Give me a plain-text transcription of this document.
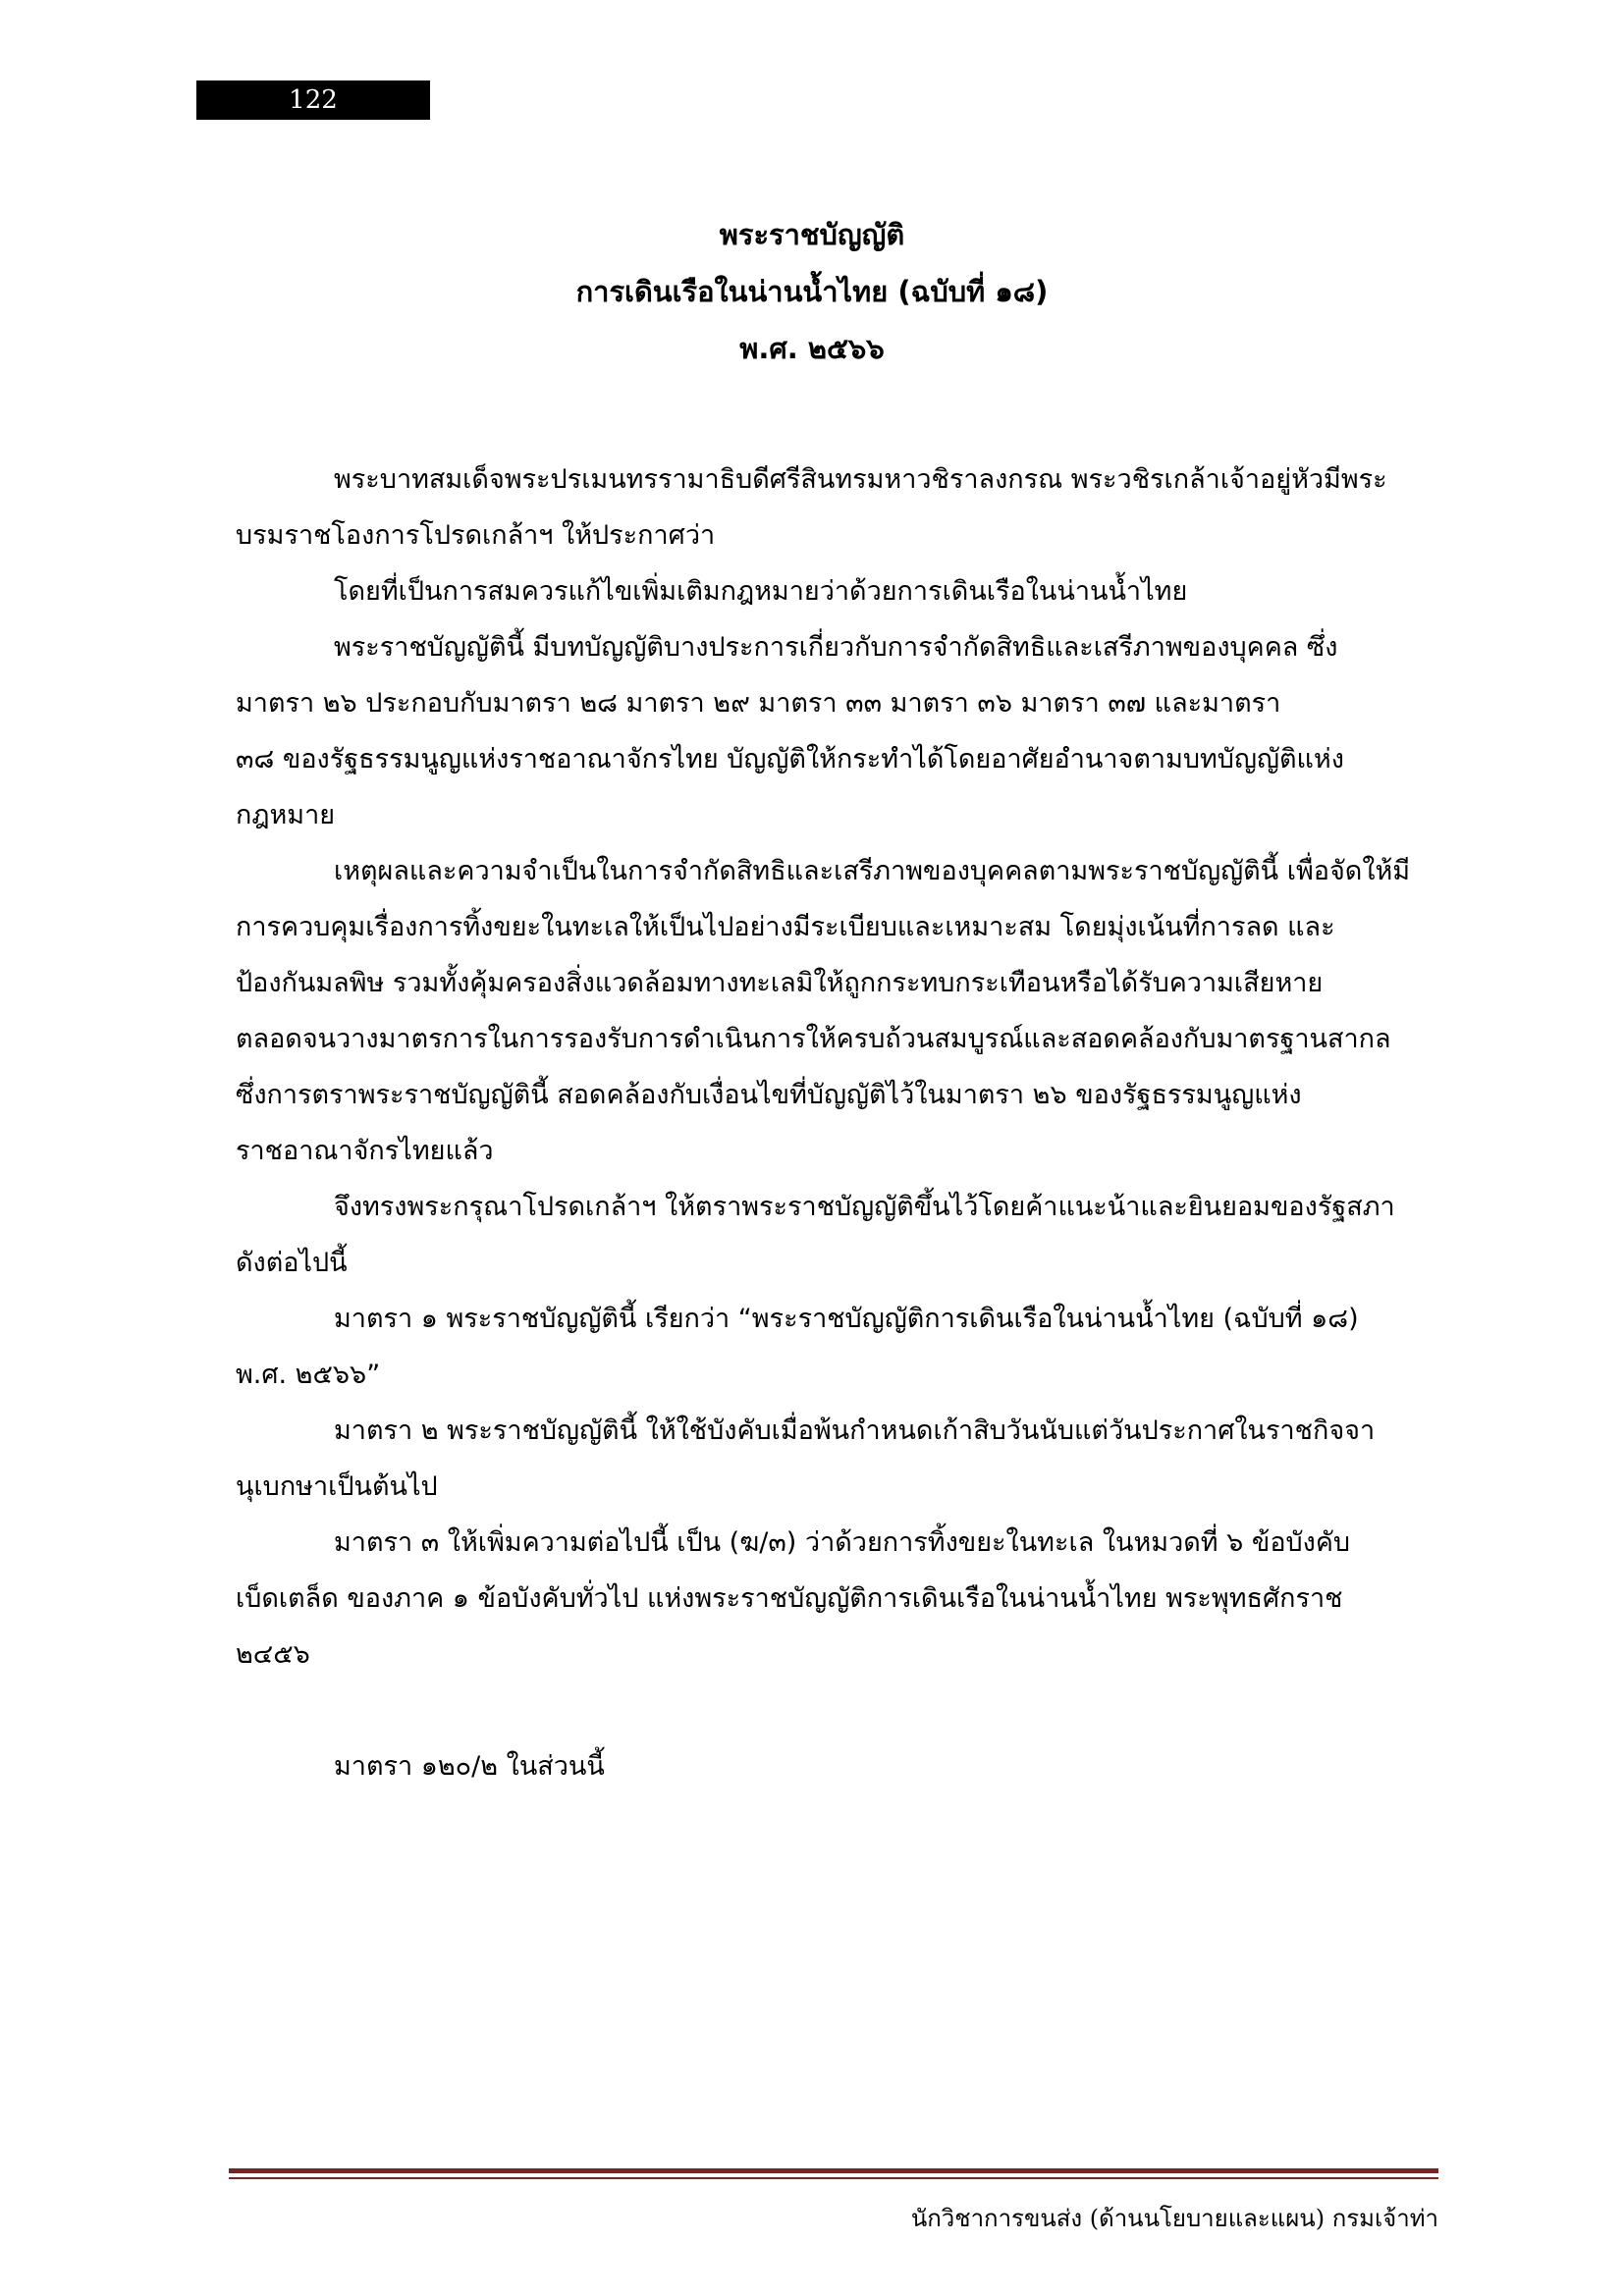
122
พระราชบัญญัติ
การเดินเรือในน่านน้ำไทย (ฉบับที่ ๑๘)
พ.ศ. ๒๕๖๖

พระบาทสมเด็จพระปรเมนทรรามาธิบดีศรีสินทรมหาวชิราลงกรณ พระวชิรเกล้าเจ้าอยู่หัวมีพระ

บรมราชโองการโปรดเกล้าฯ ให้ประกาศว่า

โดยที่เป็นการสมควรแก้ไขเพิ่มเติมกฎหมายว่าด้วยการเดินเรือในน่านน้ำไทย

พระราชบัญญัตินี้ มีบทบัญญัติบางประการเกี่ยวกับการจำกัดสิทธิและเสรีภาพของบุคคล ซึ่ง

มาตรา ๒๖ ประกอบกับมาตรา ๒๘ มาตรา ๒๙ มาตรา ๓๓ มาตรา ๓๖ มาตรา ๓๗ และมาตรา

๓๘ ของรัฐธรรมนูญแห่งราชอาณาจักรไทย บัญญัติให้กระทำได้โดยอาศัยอำนาจตามบทบัญญัติแห่ง

กฎหมาย

เหตุผลและความจำเป็นในการจำกัดสิทธิและเสรีภาพของบุคคลตามพระราชบัญญัตินี้ เพื่อจัดให้มี

การควบคุมเรื่องการทิ้งขยะในทะเลให้เป็นไปอย่างมีระเบียบและเหมาะสม โดยมุ่งเน้นที่การลด และ

ป้องกันมลพิษ รวมทั้งคุ้มครองสิ่งแวดล้อมทางทะเลมิให้ถูกกระทบกระเทือนหรือได้รับความเสียหาย

ตลอดจนวางมาตรการในการรองรับการดำเนินการให้ครบถ้วนสมบูรณ์และสอดคล้องกับมาตรฐานสากล

ซึ่งการตราพระราชบัญญัตินี้ สอดคล้องกับเงื่อนไขที่บัญญัติไว้ในมาตรา ๒๖ ของรัฐธรรมนูญแห่ง

ราชอาณาจักรไทยแล้ว

จึงทรงพระกรุณาโปรดเกล้าฯ ให้ตราพระราชบัญญัติขึ้นไว้โดยค้าแนะน้าและยินยอมของรัฐสภา

ดังต่อไปนี้

มาตรา ๑ พระราชบัญญัตินี้ เรียกว่า “พระราชบัญญัติการเดินเรือในน่านน้ำไทย (ฉบับที่ ๑๘)

พ.ศ. ๒๕๖๖”

มาตรา ๒ พระราชบัญญัตินี้ ให้ใช้บังคับเมื่อพ้นกำหนดเก้าสิบวันนับแต่วันประกาศในราชกิจจา

นุเบกษาเป็นต้นไป

มาตรา ๓ ให้เพิ่มความต่อไปนี้ เป็น (ฆ/๓) ว่าด้วยการทิ้งขยะในทะเล ในหมวดที่ ๖ ข้อบังคับ

เบ็ดเตล็ด ของภาค ๑ ข้อบังคับทั่วไป แห่งพระราชบัญญัติการเดินเรือในน่านน้ำไทย พระพุทธศักราช

๒๔๕๖

มาตรา ๑๒๐/๒ ในส่วนนี้

นักวิชาการขนส่ง (ด้านนโยบายและแผน) กรมเจ้าท่า
